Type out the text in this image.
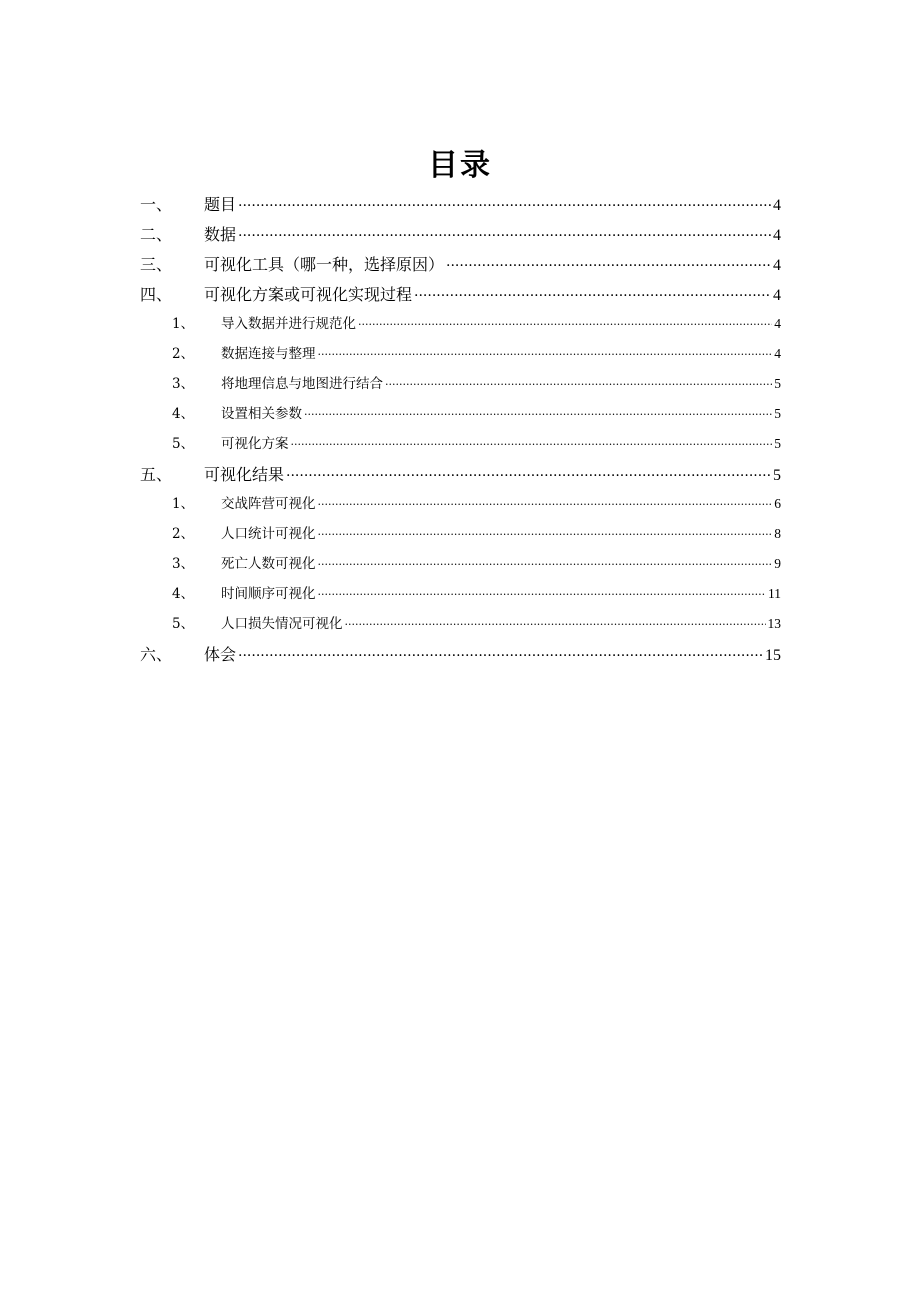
目录
一、	题目 .....	4
二、	数据 .....	4
三、	可视化工具（哪一种，选择原因） .....	4
四、	可视化方案或可视化实现过程 .....	4
1、	导入数据并进行规范化 .....	4
2、	数据连接与整理 .....	4
3、	将地理信息与地图进行结合 .....	5
4、	设置相关参数 .....	5
5、	可视化方案 .....	5
五、	可视化结果 .....	5
1、	交战阵营可视化 .....	6
2、	人口统计可视化 .....	8
3、	死亡人数可视化 .....	9
4、	时间顺序可视化 .....	11
5、	人口损失情况可视化 .....	13
六、	体会 .....	15
